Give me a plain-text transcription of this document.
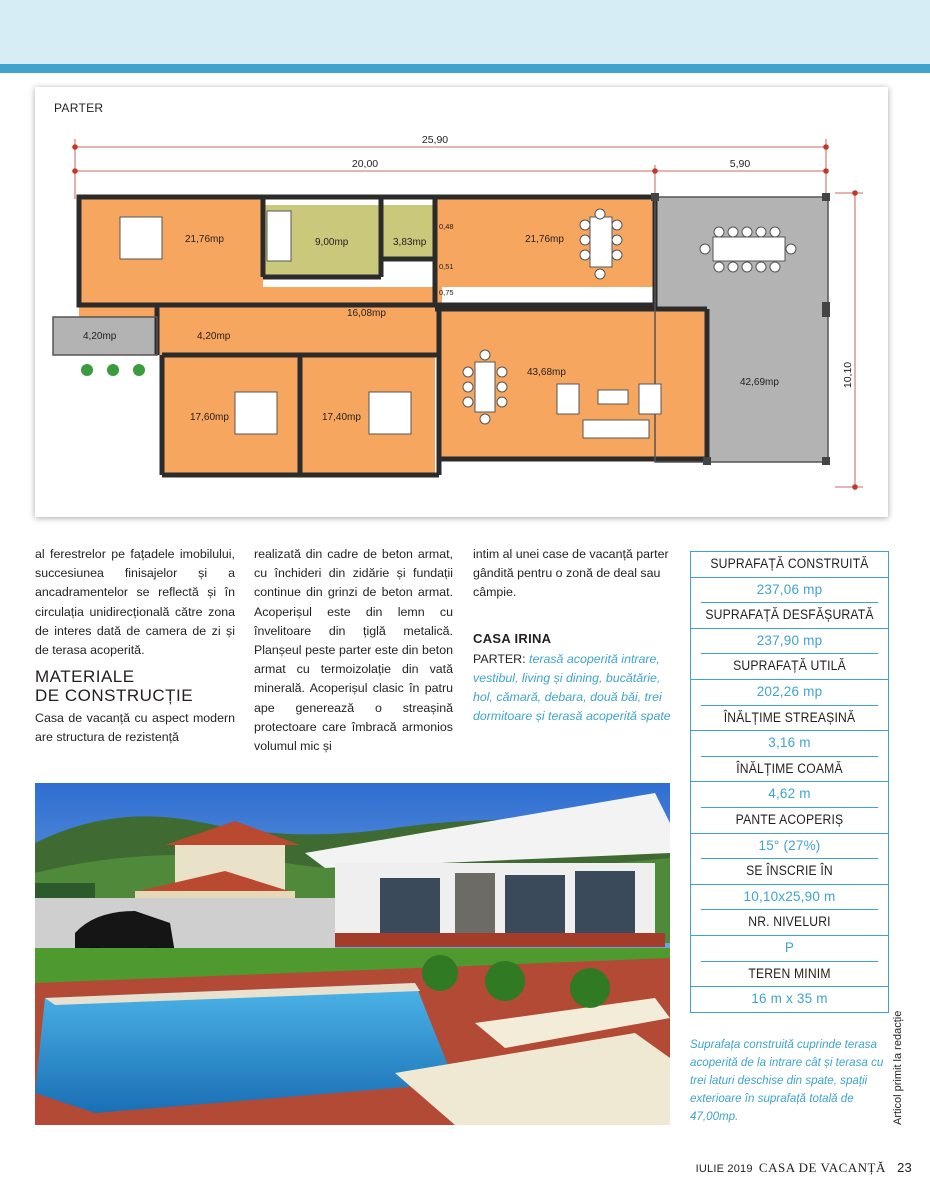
PARTER
25,90
20,00	5,90
10,10
21,76mp	9,00mp	3,83mp	21,76mp
16,08mp
4,20mp	4,20mp
43,68mp
42,69mp
17,60mp	17,40mp
0,48
0,51
0,75

al ferestrelor pe fațadele imobilului, succesiunea finisajelor și a ancadramentelor se reflectă și în circulația unidirecțională către zona de interes dată de camera de zi și de terasa acoperită.

MATERIALE
DE CONSTRUCȚIE

Casa de vacanță cu aspect modern are structura de rezistență

realizată din cadre de beton armat, cu închideri din zidărie și fundații continue din grinzi de beton armat. Acoperișul este din lemn cu învelitoare din țiglă metalică. Planșeul peste parter este din beton armat cu termoizolație din vată minerală. Acoperișul clasic în patru ape generează o streașină protectoare care îmbracă armonios volumul mic și

intim al unei case de vacanță parter gândită pentru o zonă de deal sau câmpie.

CASA IRINA
PARTER: terasă acoperită intrare, vestibul, living și dining, bucătărie, hol, cămară, debara, două băi, trei dormitoare și terasă acoperită spate
SUPRAFAȚĂ CONSTRUITĂ
237,06 mp
SUPRAFAȚĂ DESFĂȘURATĂ
237,90 mp
SUPRAFAȚĂ UTILĂ
202,26 mp
ÎNĂLȚIME STREAȘINĂ
3,16 m
ÎNĂLȚIME COAMĂ
4,62 m
PANTE ACOPERIȘ
15° (27%)
SE ÎNSCRIE ÎN
10,10x25,90 m
NR. NIVELURI
P
TEREN MINIM
16 m x 35 m
Suprafața construită cuprinde terasa acoperită de la intrare cât și terasa cu trei laturi deschise din spate, spații exterioare în suprafață totală de 47,00mp.	Articol primit la redacție
IULIE 2019 CASA DE VACANȚĂ 23
